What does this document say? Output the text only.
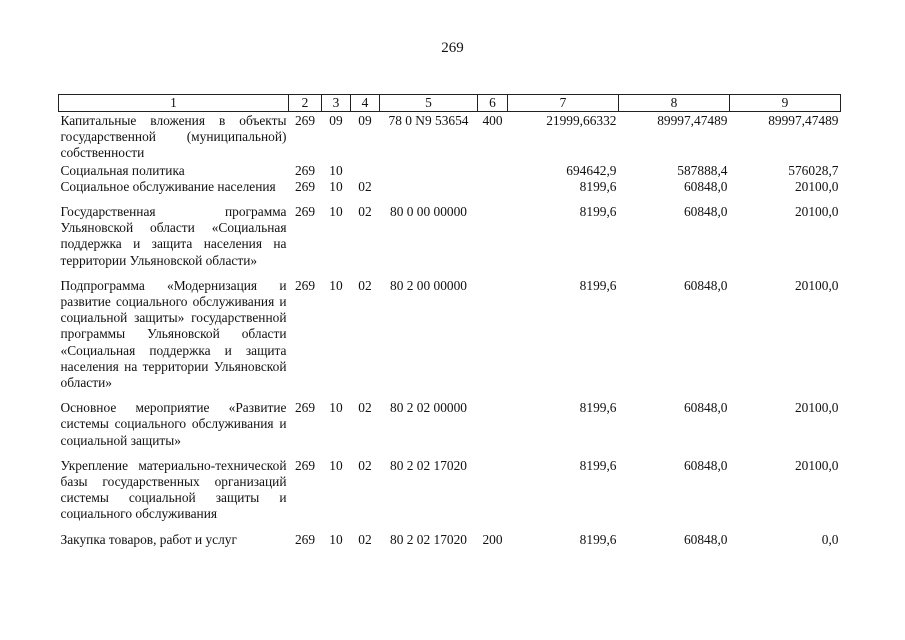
269
1	2	3	4	5	6	7	8	9
Капитальные вложения в объекты государственной (муниципальной) собственности	269	09	09	78 0 N9 53654	400	21999,66332	89997,47489	89997,47489
Социальная политика	269	10				694642,9	587888,4	576028,7
Социальное обслуживание населения	269	10	02			8199,6	60848,0	20100,0
Государственная программа Ульяновской области «Социальная поддержка и защита населения на территории Ульяновской области»	269	10	02	80 0 00 00000		8199,6	60848,0	20100,0
Подпрограмма «Модернизация и развитие социального обслуживания и социальной защиты» государственной программы Ульяновской области «Социальная поддержка и защита населения на территории Ульяновской области»	269	10	02	80 2 00 00000		8199,6	60848,0	20100,0
Основное мероприятие «Развитие системы социального обслуживания и социальной защиты»	269	10	02	80 2 02 00000		8199,6	60848,0	20100,0
Укрепление материально-технической базы государственных организаций системы социальной защиты и социального обслуживания	269	10	02	80 2 02 17020		8199,6	60848,0	20100,0
Закупка товаров, работ и услуг	269	10	02	80 2 02 17020	200	8199,6	60848,0	0,0
